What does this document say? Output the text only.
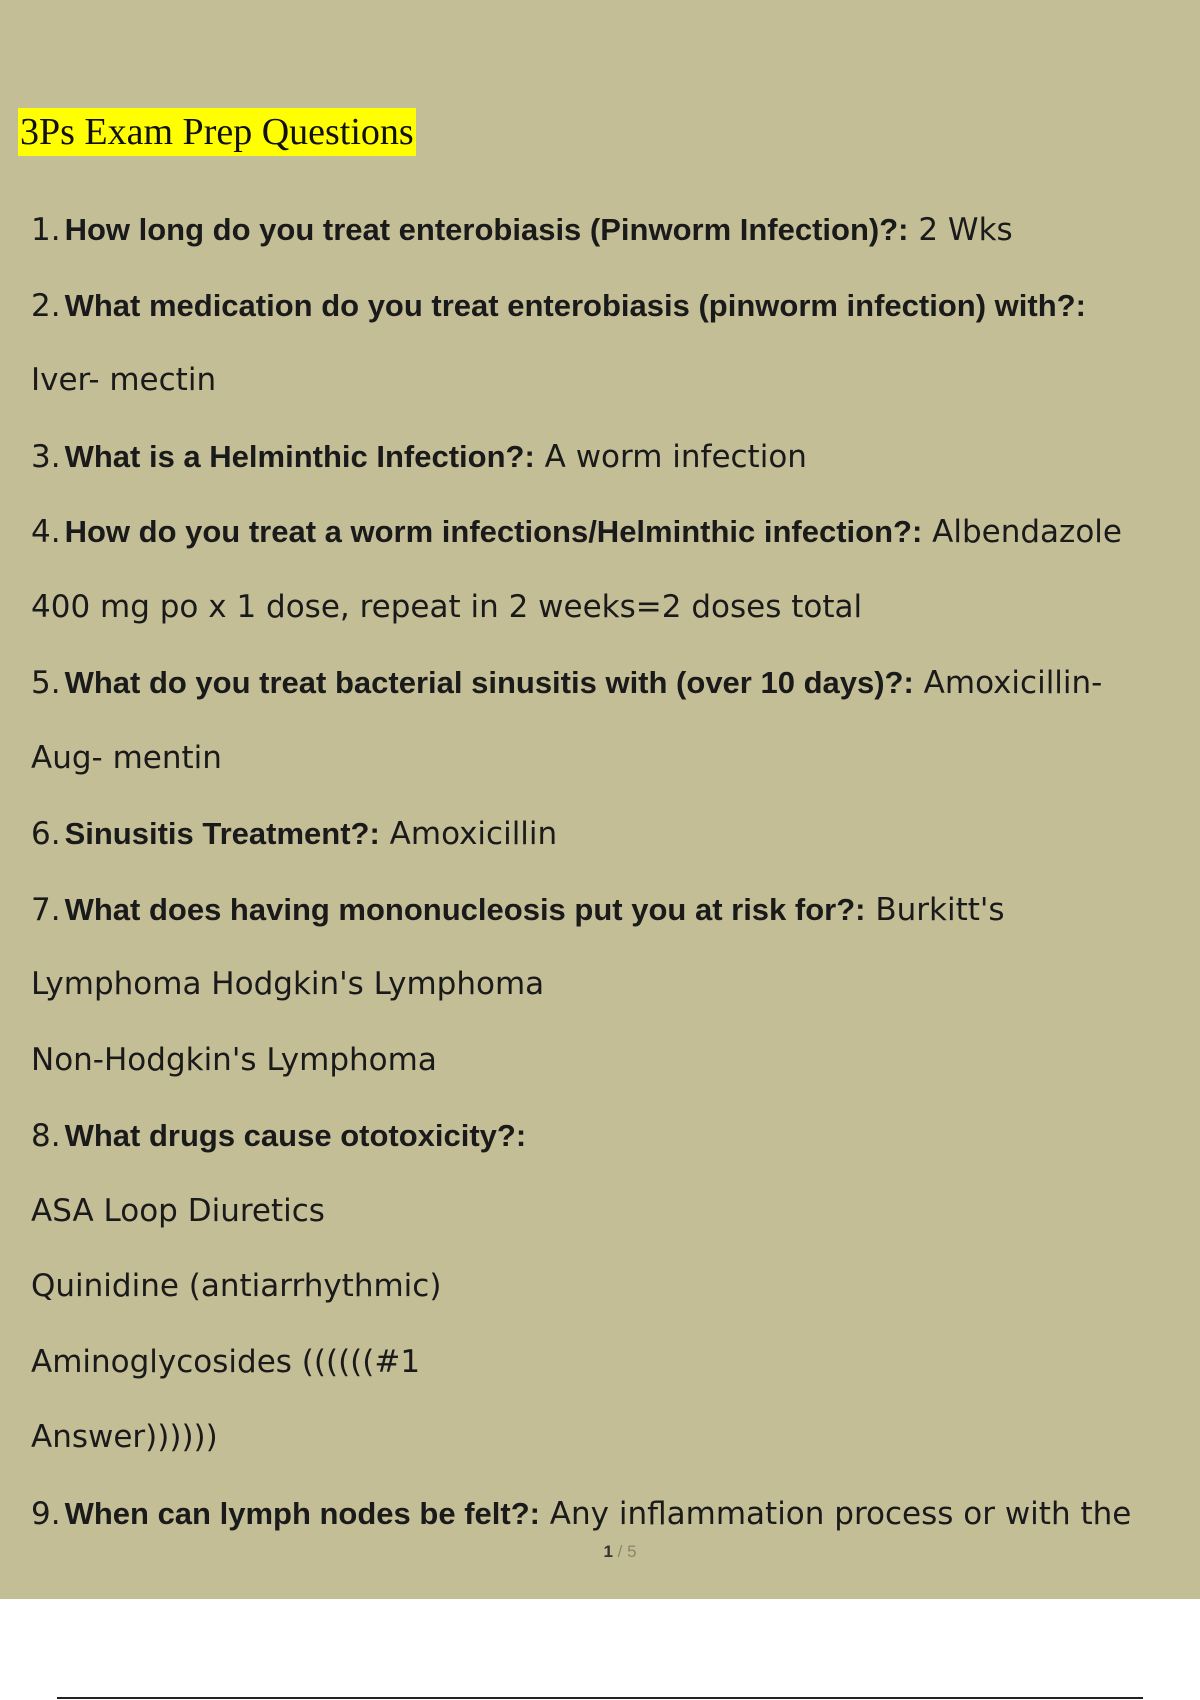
3Ps Exam Prep Questions
1. How long do you treat enterobiasis (Pinworm Infection)?: 2 Wks
2. What medication do you treat enterobiasis (pinworm infection) with?:
Iver- mectin
3. What is a Helminthic Infection?: A worm infection
4. How do you treat a worm infections/Helminthic infection?: Albendazole
400 mg po x 1 dose, repeat in 2 weeks=2 doses total
5. What do you treat bacterial sinusitis with (over 10 days)?: Amoxicillin-
Aug- mentin
6. Sinusitis Treatment?: Amoxicillin
7. What does having mononucleosis put you at risk for?: Burkitt's
Lymphoma Hodgkin's Lymphoma
Non-Hodgkin's Lymphoma
8. What drugs cause ototoxicity?:
ASA Loop Diuretics
Quinidine (antiarrhythmic)
Aminoglycosides ((((((#1
Answer))))))
9. When can lymph nodes be felt?: Any inflammation process or with the
1 / 5
